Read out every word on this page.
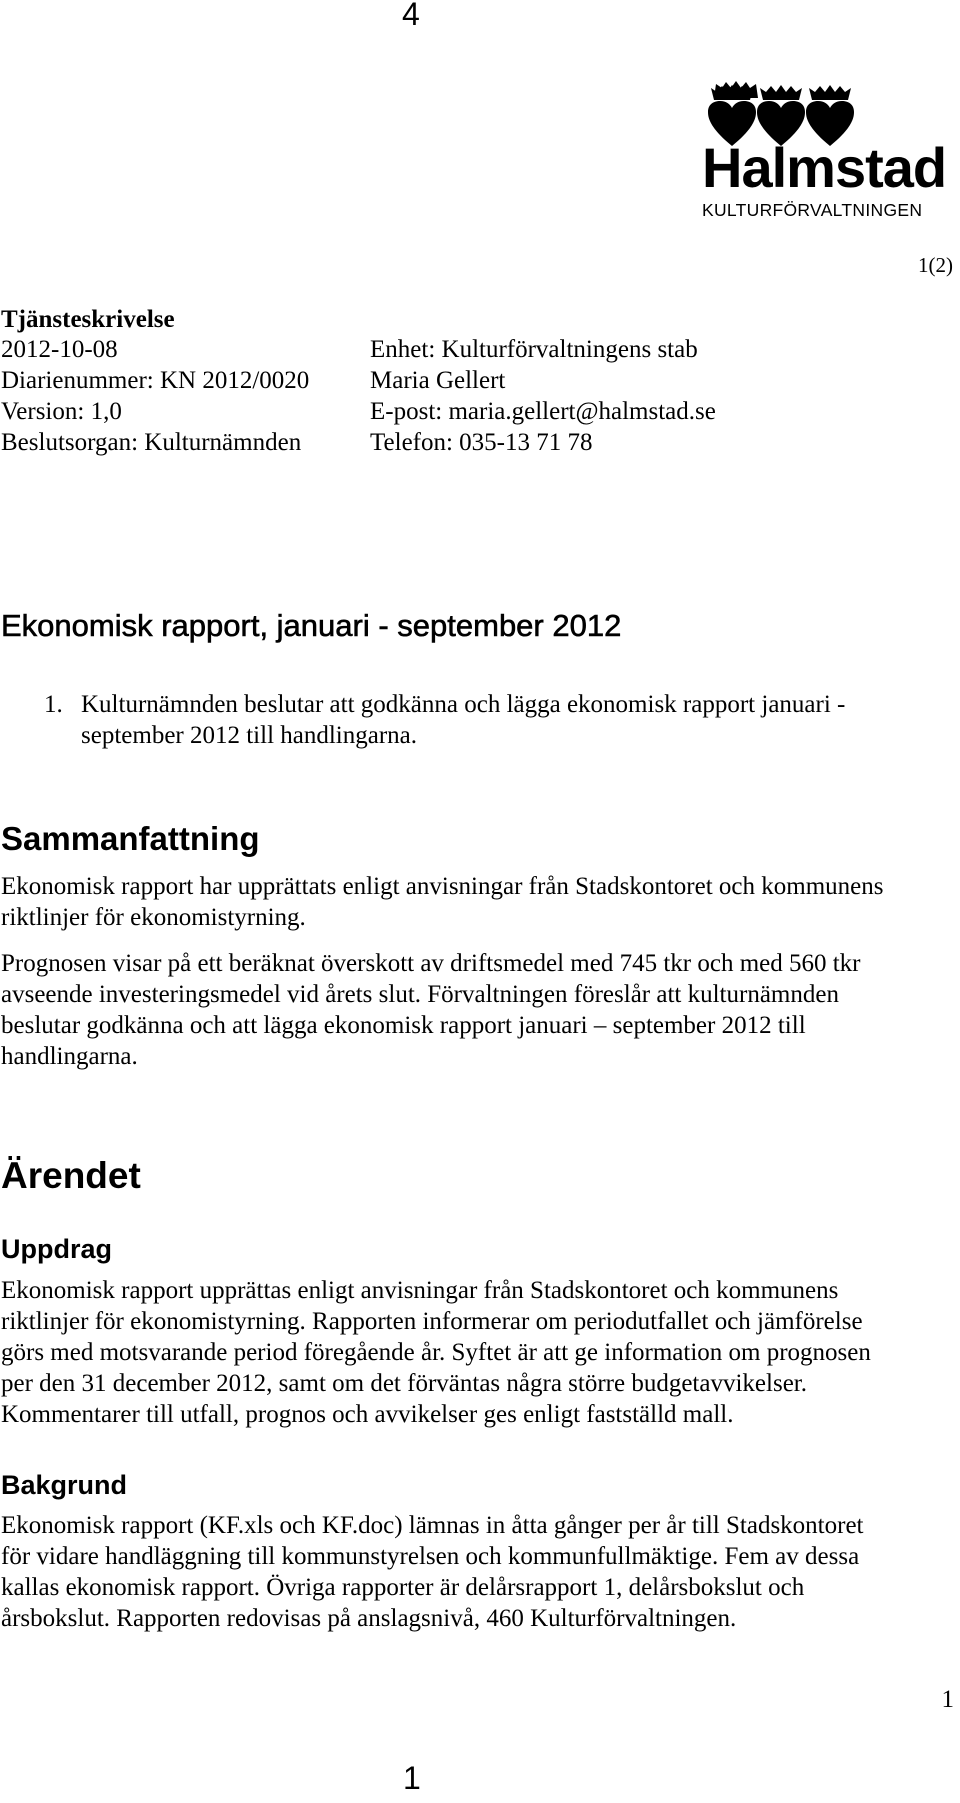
4
Halmstad
KULTURFÖRVALTNINGEN
1(2)
Tjänsteskrivelse
2012-10-08
Diarienummer: KN 2012/0020
Version: 1,0
Beslutsorgan: Kulturnämnden
Enhet: Kulturförvaltningens stab
Maria Gellert
E-post: maria.gellert@halmstad.se
Telefon: 035-13 71 78
Ekonomisk rapport, januari - september 2012
1. Kulturnämnden beslutar att godkänna och lägga ekonomisk rapport januari -
september 2012 till handlingarna.
Sammanfattning
Ekonomisk rapport har upprättats enligt anvisningar från Stadskontoret och kommunens
riktlinjer för ekonomistyrning.
Prognosen visar på ett beräknat överskott av driftsmedel med 745 tkr och med 560 tkr
avseende investeringsmedel vid årets slut. Förvaltningen föreslår att kulturnämnden
beslutar godkänna och att lägga ekonomisk rapport januari – september 2012 till
handlingarna.
Ärendet
Uppdrag
Ekonomisk rapport upprättas enligt anvisningar från Stadskontoret och kommunens
riktlinjer för ekonomistyrning. Rapporten informerar om periodutfallet och jämförelse
görs med motsvarande period föregående år. Syftet är att ge information om prognosen
per den 31 december 2012, samt om det förväntas några större budgetavvikelser.
Kommentarer till utfall, prognos och avvikelser ges enligt fastställd mall.
Bakgrund
Ekonomisk rapport (KF.xls och KF.doc) lämnas in åtta gånger per år till Stadskontoret
för vidare handläggning till kommunstyrelsen och kommunfullmäktige. Fem av dessa
kallas ekonomisk rapport. Övriga rapporter är delårsrapport 1, delårsbokslut och
årsbokslut. Rapporten redovisas på anslagsnivå, 460 Kulturförvaltningen.
1
1
